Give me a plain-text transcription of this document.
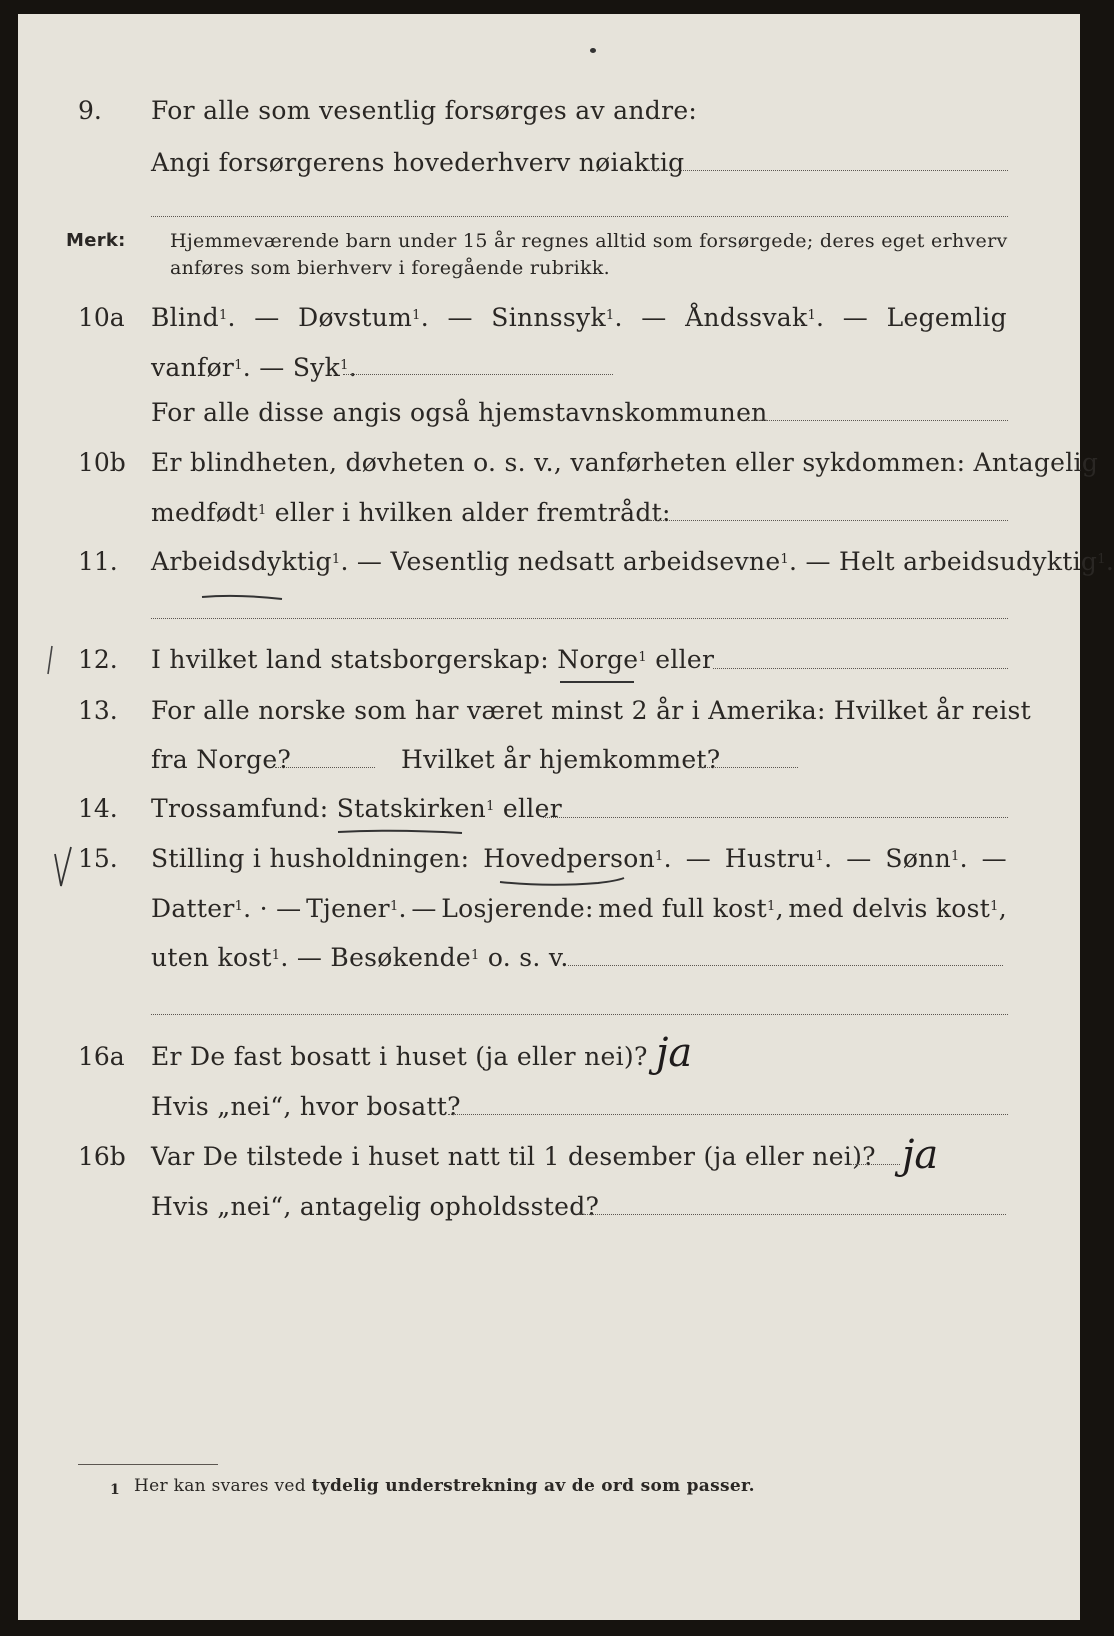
9. For alle som vesentlig forsørges av andre:
Angi forsørgerens hovederhverv nøiaktig
Merk: Hjemmeværende barn under 15 år regnes alltid som forsørgede; deres eget erhverv
anføres som bierhverv i foregående rubrikk.
10a Blind$^1$. — Døvstum$^1$. — Sinnssyk$^1$. — Åndssvak$^1$. — Legemlig
vanfør$^1$. — Syk$^1$.
For alle disse angis også hjemstavnskommunen
10b Er blindheten, døvheten o. s. v., vanførheten eller sykdommen: Antagelig
medfødt$^1$ eller i hvilken alder fremtrådt:
11. Arbeidsdyktig$^1$. — Vesentlig nedsatt arbeidsevne$^1$. — Helt arbeidsudyktig$^1$.
12. I hvilket land statsborgerskap: Norge$^1$ eller
13. For alle norske som har været minst 2 år i Amerika: Hvilket år reist
fra Norge?	Hvilket år hjemkommet?
14. Trossamfund: Statskirken$^1$ eller
15. Stilling i husholdningen: Hovedperson$^1$. — Hustru$^1$. — Sønn$^1$. —
Datter$^1$. · — Tjener$^1$. — Losjerende: med full kost$^1$, med delvis kost$^1$,
uten kost$^1$. — Besøkende$^1$ o. s. v.
16a Er De fast bosatt i huset (ja eller nei)? ja
Hvis „nei“, hvor bosatt?
16b Var De tilstede i huset natt til 1 desember (ja eller nei)? ja
Hvis „nei“, antagelig opholdssted?
1 Her kan svares ved tydelig understrekning av de ord som passer.
